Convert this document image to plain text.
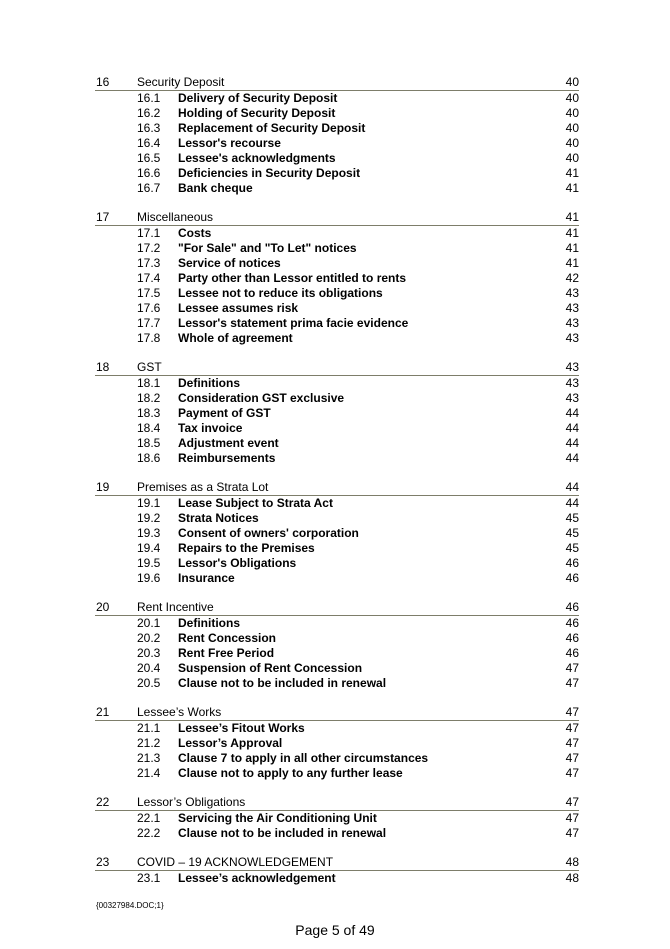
16 Security Deposit	40
16.1 Delivery of Security Deposit	40
16.2 Holding of Security Deposit	40
16.3 Replacement of Security Deposit	40
16.4 Lessor's recourse	40
16.5 Lessee's acknowledgments	40
16.6 Deficiencies in Security Deposit	41
16.7 Bank cheque	41
17 Miscellaneous	41
17.1 Costs	41
17.2 "For Sale" and "To Let" notices	41
17.3 Service of notices	41
17.4 Party other than Lessor entitled to rents	42
17.5 Lessee not to reduce its obligations	43
17.6 Lessee assumes risk	43
17.7 Lessor's statement prima facie evidence	43
17.8 Whole of agreement	43
18 GST	43
18.1 Definitions	43
18.2 Consideration GST exclusive	43
18.3 Payment of GST	44
18.4 Tax invoice	44
18.5 Adjustment event	44
18.6 Reimbursements	44
19 Premises as a Strata Lot	44
19.1 Lease Subject to Strata Act	44
19.2 Strata Notices	45
19.3 Consent of owners' corporation	45
19.4 Repairs to the Premises	45
19.5 Lessor's Obligations	46
19.6 Insurance	46
20 Rent Incentive	46
20.1 Definitions	46
20.2 Rent Concession	46
20.3 Rent Free Period	46
20.4 Suspension of Rent Concession	47
20.5 Clause not to be included in renewal	47
21 Lessee’s Works	47
21.1 Lessee’s Fitout Works	47
21.2 Lessor’s Approval	47
21.3 Clause 7 to apply in all other circumstances	47
21.4 Clause not to apply to any further lease	47
22 Lessor’s Obligations	47
22.1 Servicing the Air Conditioning Unit	47
22.2 Clause not to be included in renewal	47
23 COVID – 19 ACKNOWLEDGEMENT	48
23.1 Lessee’s acknowledgement	48
{00327984.DOC;1}
Page 5 of 49
